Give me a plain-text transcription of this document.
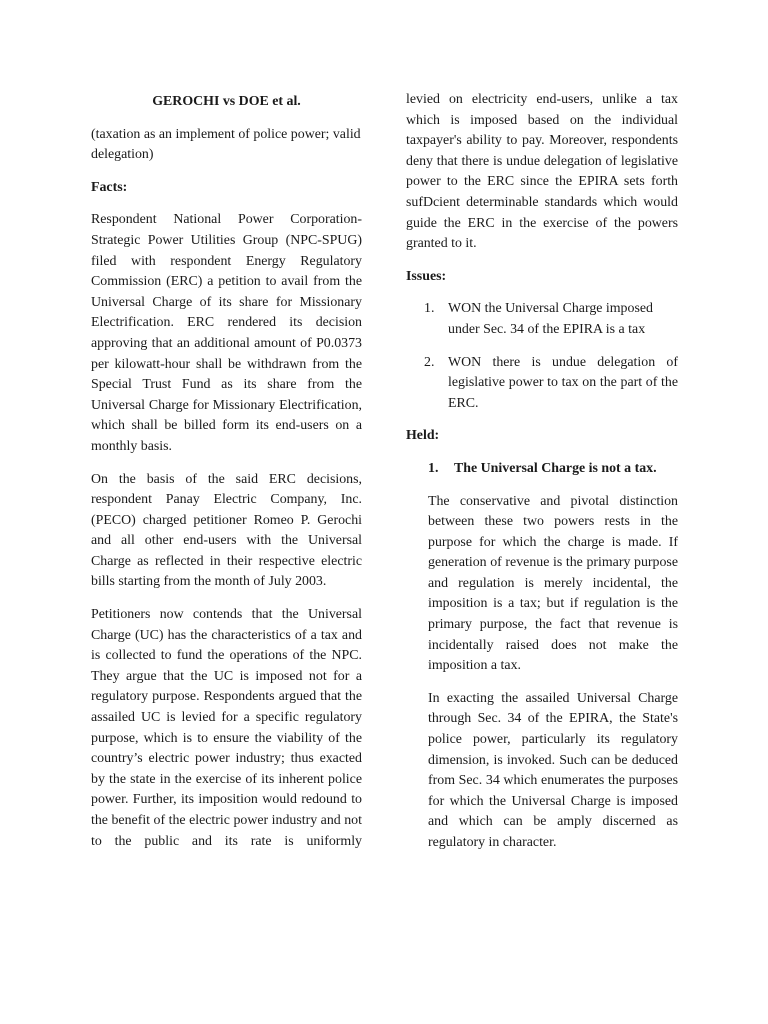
GEROCHI vs DOE et al.

(taxation as an implement of police power; valid delegation)

Facts:

Respondent National Power Corporation-Strategic Power Utilities Group (NPC-SPUG) filed with respondent Energy Regulatory Commission (ERC) a petition to avail from the Universal Charge of its share for Missionary Electrification. ERC rendered its decision approving that an additional amount of P0.0373 per kilowatt-hour shall be withdrawn from the Special Trust Fund as its share from the Universal Charge for Missionary Electrification, which shall be billed form its end-users on a monthly basis.

On the basis of the said ERC decisions, respondent Panay Electric Company, Inc. (PECO) charged petitioner Romeo P. Gerochi and all other end-users with the Universal Charge as reflected in their respective electric bills starting from the month of July 2003.

Petitioners now contends that the Universal Charge (UC) has the characteristics of a tax and is collected to fund the operations of the NPC. They argue that the UC is imposed not for a regulatory purpose. Respondents argued that the assailed UC is levied for a specific regulatory purpose, which is to ensure the viability of the country’s electric power industry; thus exacted by the state in the exercise of its inherent police power. Further, its imposition would redound to the benefit of the electric power industry and not to the public and its rate is uniformly

levied on electricity end-users, unlike a tax which is imposed based on the individual taxpayer's ability to pay. Moreover, respondents deny that there is undue delegation of legislative power to the ERC since the EPIRA sets forth sufDcient determinable standards which would guide the ERC in the exercise of the powers granted to it.

Issues:

1. WON the Universal Charge imposed under Sec. 34 of the EPIRA is a tax
2. WON there is undue delegation of legislative power to tax on the part of the ERC.

Held:

1. The Universal Charge is not a tax.

The conservative and pivotal distinction between these two powers rests in the purpose for which the charge is made. If generation of revenue is the primary purpose and regulation is merely incidental, the imposition is a tax; but if regulation is the primary purpose, the fact that revenue is incidentally raised does not make the imposition a tax.

In exacting the assailed Universal Charge through Sec. 34 of the EPIRA, the State's police power, particularly its regulatory dimension, is invoked. Such can be deduced from Sec. 34 which enumerates the purposes for which the Universal Charge is imposed and which can be amply discerned as regulatory in character.
